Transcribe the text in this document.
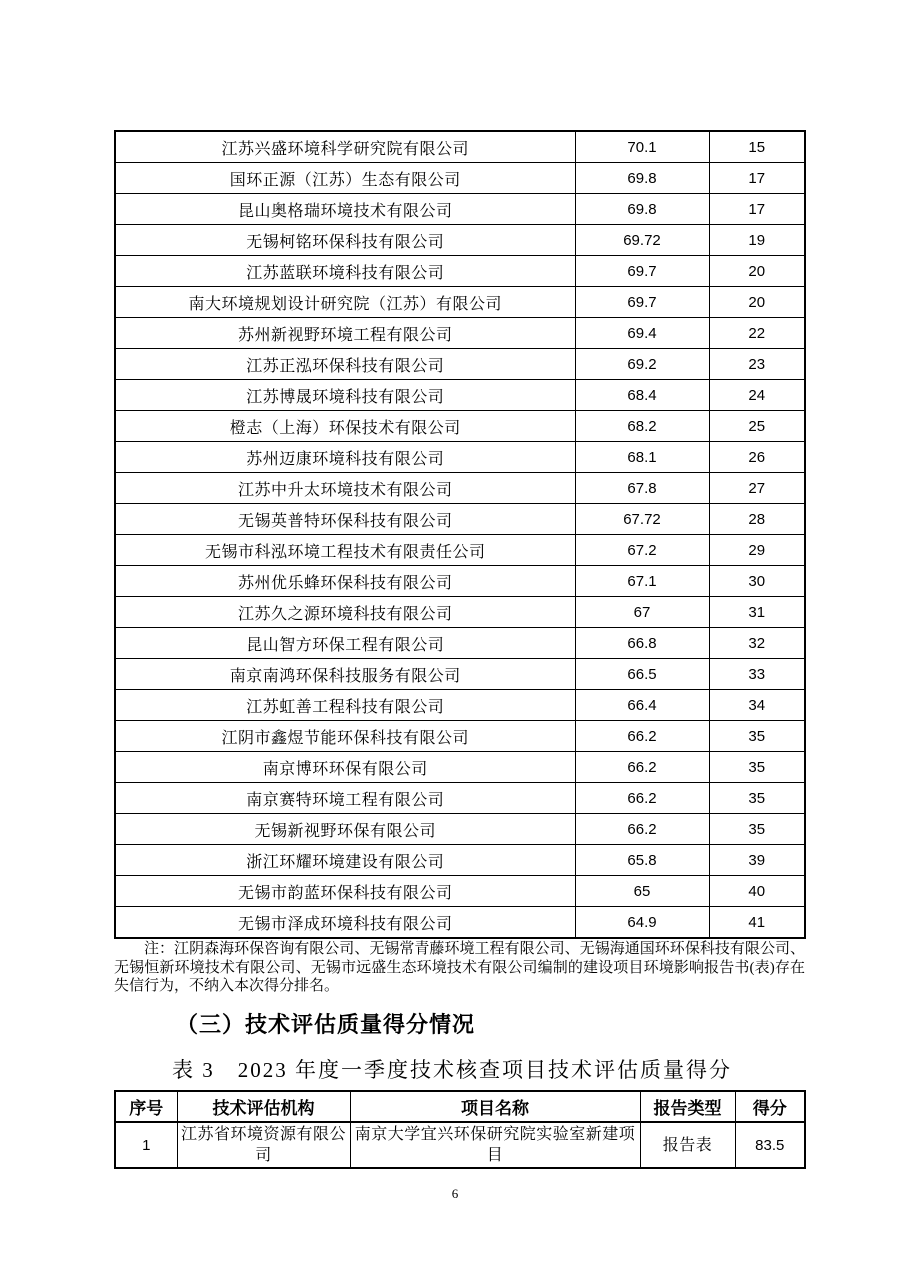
江苏兴盛环境科学研究院有限公司	70.1	15
国环正源（江苏）生态有限公司	69.8	17
昆山奥格瑞环境技术有限公司	69.8	17
无锡柯铭环保科技有限公司	69.72	19
江苏蓝联环境科技有限公司	69.7	20
南大环境规划设计研究院（江苏）有限公司	69.7	20
苏州新视野环境工程有限公司	69.4	22
江苏正泓环保科技有限公司	69.2	23
江苏博晟环境科技有限公司	68.4	24
橙志（上海）环保技术有限公司	68.2	25
苏州迈康环境科技有限公司	68.1	26
江苏中升太环境技术有限公司	67.8	27
无锡英普特环保科技有限公司	67.72	28
无锡市科泓环境工程技术有限责任公司	67.2	29
苏州优乐蜂环保科技有限公司	67.1	30
江苏久之源环境科技有限公司	67	31
昆山智方环保工程有限公司	66.8	32
南京南鸿环保科技服务有限公司	66.5	33
江苏虹善工程科技有限公司	66.4	34
江阴市鑫煜节能环保科技有限公司	66.2	35
南京博环环保有限公司	66.2	35
南京赛特环境工程有限公司	66.2	35
无锡新视野环保有限公司	66.2	35
浙江环耀环境建设有限公司	65.8	39
无锡市韵蓝环保科技有限公司	65	40
无锡市泽成环境科技有限公司	64.9	41

注：江阴森海环保咨询有限公司、无锡常青藤环境工程有限公司、无锡海通国环环保科技有限公司、无锡恒新环境技术有限公司、无锡市远盛生态环境技术有限公司编制的建设项目环境影响报告书(表)存在失信行为，不纳入本次得分排名。

（三）技术评估质量得分情况
表 3　2023 年度一季度技术核查项目技术评估质量得分
序号	技术评估机构	项目名称	报告类型	得分
1	江苏省环境资源有限公司	南京大学宜兴环保研究院实验室新建项目	报告表	83.5
6
